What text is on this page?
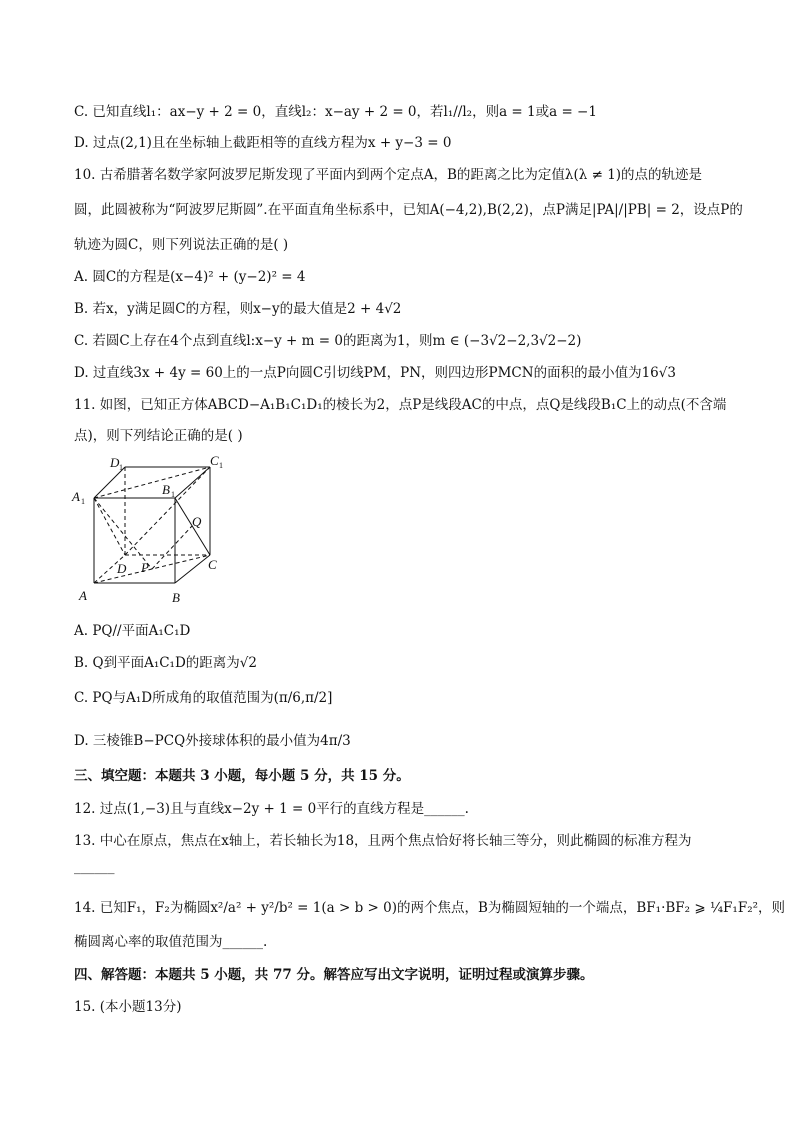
C. 已知直线l₁：ax−y + 2 = 0，直线l₂：x−ay + 2 = 0，若l₁//l₂，则a = 1或a = −1
D. 过点(2,1)且在坐标轴上截距相等的直线方程为x + y−3 = 0
10. 古希腊著名数学家阿波罗尼斯发现了平面内到两个定点A，B的距离之比为定值λ(λ ≠ 1)的点的轨迹是
圆，此圆被称为“阿波罗尼斯圆”.在平面直角坐标系中，已知A(−4,2),B(2,2)，点P满足|PA|/|PB| = 2，设点P的
轨迹为圆C，则下列说法正确的是( )
A. 圆C的方程是(x−4)² + (y−2)² = 4
B. 若x，y满足圆C的方程，则x−y的最大值是2 + 4√2
C. 若圆C上存在4个点到直线l:x−y + m = 0的距离为1，则m ∈ (−3√2−2,3√2−2)
D. 过直线3x + 4y = 60上的一点P向圆C引切线PM，PN，则四边形PMCN的面积的最小值为16√3
11. 如图，已知正方体ABCD−A₁B₁C₁D₁的棱长为2，点P是线段AC的中点，点Q是线段B₁C上的动点(不含端
点)，则下列结论正确的是( )
D 1	C 1
A 1
B 1
Q
D P	C
A	B
A. PQ//平面A₁C₁D
B. Q到平面A₁C₁D的距离为√2
C. PQ与A₁D所成角的取值范围为(π/6,π/2]
D. 三棱锥B−PCQ外接球体积的最小值为4π/3
三、填空题：本题共 3 小题，每小题 5 分，共 15 分。
12. 过点(1,−3)且与直线x−2y + 1 = 0平行的直线方程是______.
13. 中心在原点，焦点在x轴上，若长轴长为18，且两个焦点恰好将长轴三等分，则此椭圆的标准方程为
______
14. 已知F₁，F₂为椭圆x²/a² + y²/b² = 1(a > b > 0)的两个焦点，B为椭圆短轴的一个端点，BF₁·BF₂ ⩾ ¼F₁F₂²，则
椭圆离心率的取值范围为______.
四、解答题：本题共 5 小题，共 77 分。解答应写出文字说明，证明过程或演算步骤。
15. (本小题13分)
